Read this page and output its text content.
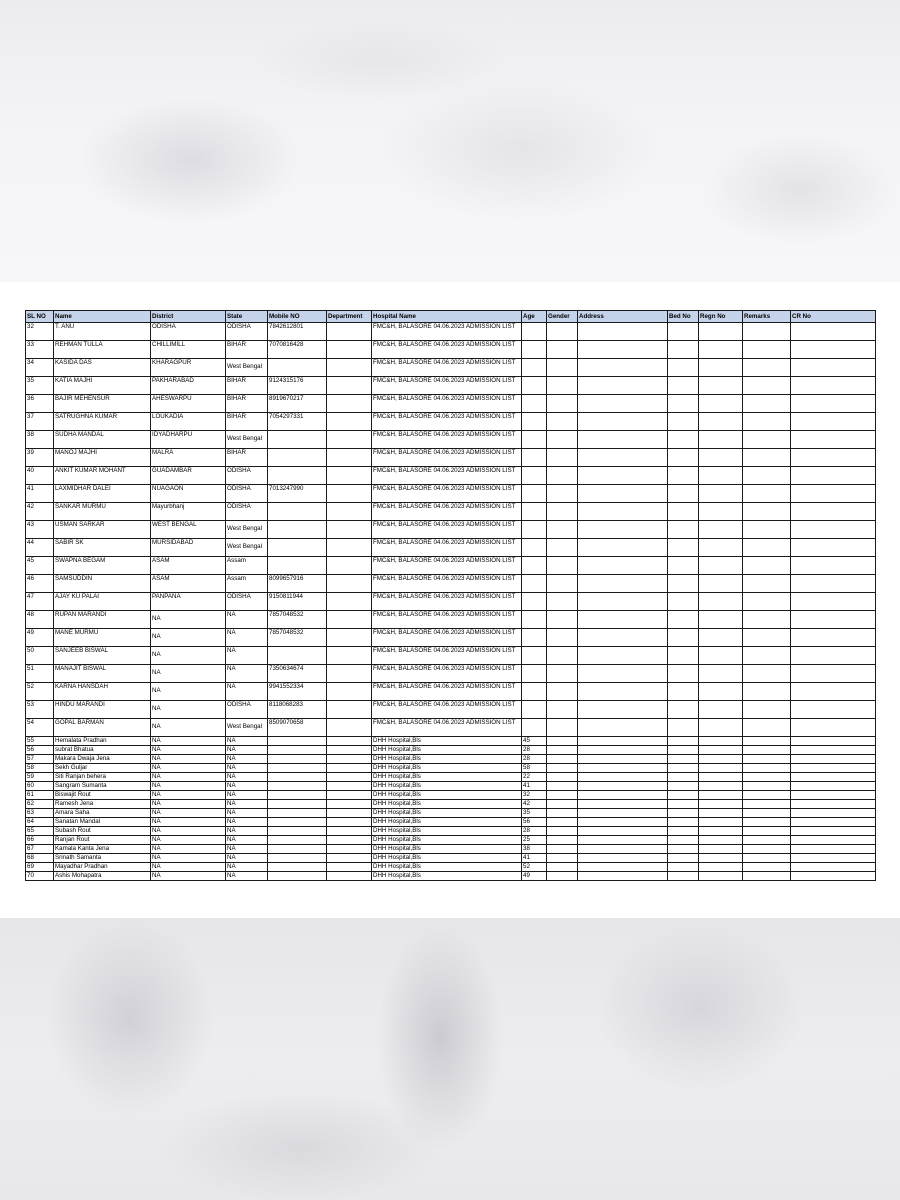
SL NO	Name	District	State	Mobile NO	Department	Hospital Name	Age	Gender	Address	Bed No	Regn No	Remarks	CR No
32	T. ANU	ODISHA	ODISHA	7842612801		FMC&H, BALASORE 04.06.2023 ADMISSION LIST							
33	REHMAN TULLA	CHILLIMILL	BIHAR	7070816428		FMC&H, BALASORE 04.06.2023 ADMISSION LIST							
34	KASIDA DAS	KHARAGPUR	West Bengal			FMC&H, BALASORE 04.06.2023 ADMISSION LIST							
35	KATIA MAJHI	PAKHARABAD	BIHAR	9124315176		FMC&H, BALASORE 04.06.2023 ADMISSION LIST							
36	BAJIR MEHENSUR	AHESWARPU	BIHAR	8919670217		FMC&H, BALASORE 04.06.2023 ADMISSION LIST							
37	SATRUGHNA KUMAR	LOUKADIA	BIHAR	7054297331		FMC&H, BALASORE 04.06.2023 ADMISSION LIST							
38	SUDHA MANDAL	IDYADHARPU	West Bengal			FMC&H, BALASORE 04.06.2023 ADMISSION LIST							
39	MANOJ MAJHI	MALRA	BIHAR			FMC&H, BALASORE 04.06.2023 ADMISSION LIST							
40	ANKIT KUMAR MOHANT	GUADAMBAR	ODISHA			FMC&H, BALASORE 04.06.2023 ADMISSION LIST							
41	LAXMIDHAR DALEI	NUAGAON	ODISHA	7013247990		FMC&H, BALASORE 04.06.2023 ADMISSION LIST							
42	SANKAR MURMU	Mayurbhanj	ODISHA			FMC&H, BALASORE 04.06.2023 ADMISSION LIST							
43	USMAN SARKAR	WEST BENGAL	West Bengal			FMC&H, BALASORE 04.06.2023 ADMISSION LIST							
44	SABIR SK	MURSIDABAD	West Bengal			FMC&H, BALASORE 04.06.2023 ADMISSION LIST							
45	SWAPNA BEGAM	ASAM	Assam			FMC&H, BALASORE 04.06.2023 ADMISSION LIST							
46	SAMSUDDIN	ASAM	Assam	8099657916		FMC&H, BALASORE 04.06.2023 ADMISSION LIST							
47	AJAY KU PALAI	PANPANA	ODISHA	9150811944		FMC&H, BALASORE 04.06.2023 ADMISSION LIST							
48	RUPAN MARANDI	NA	NA	7857048532		FMC&H, BALASORE 04.06.2023 ADMISSION LIST							
49	MANE MURMU	NA	NA	7857048532		FMC&H, BALASORE 04.06.2023 ADMISSION LIST							
50	SANJEEB BISWAL	NA	NA			FMC&H, BALASORE 04.06.2023 ADMISSION LIST							
51	MANAJIT BISWAL	NA	NA	7350634674		FMC&H, BALASORE 04.06.2023 ADMISSION LIST							
52	KARNA HANSDAH	NA	NA	9941552334		FMC&H, BALASORE 04.06.2023 ADMISSION LIST							
53	HINDU MARANDI	NA	ODISHA	8118068283		FMC&H, BALASORE 04.06.2023 ADMISSION LIST							
54	GOPAL BARMAN	NA	West Bengal	8509070658		FMC&H, BALASORE 04.06.2023 ADMISSION LIST							
55	Hemalata Pradhan	NA	NA			DHH Hospital,Bls	45						
56	subrat Bhatua	NA	NA			DHH Hospital,Bls	28						
57	Makara Dwaja Jena	NA	NA			DHH Hospital,Bls	28						
58	Sekh Guljar	NA	NA			DHH Hospital,Bls	58						
59	Siti Ranjan behera	NA	NA			DHH Hospital,Bls	22						
60	Sangram Sumanta	NA	NA			DHH Hospital,Bls	41						
61	Biswajit Rout	NA	NA			DHH Hospital,Bls	32						
62	Ramesh Jena	NA	NA			DHH Hospital,Bls	42						
63	Amara Saha	NA	NA			DHH Hospital,Bls	35						
64	Sanatan Mandal	NA	NA			DHH Hospital,Bls	56						
65	Subash Rout	NA	NA			DHH Hospital,Bls	28						
66	Ranjan Rout	NA	NA			DHH Hospital,Bls	25						
67	Kamala Kanta Jena	NA	NA			DHH Hospital,Bls	38						
68	Srinath Samanta	NA	NA			DHH Hospital,Bls	41						
69	Mayadhar Pradhan	NA	NA			DHH Hospital,Bls	52						
70	Ashis Mohapatra	NA	NA			DHH Hospital,Bls	49						
